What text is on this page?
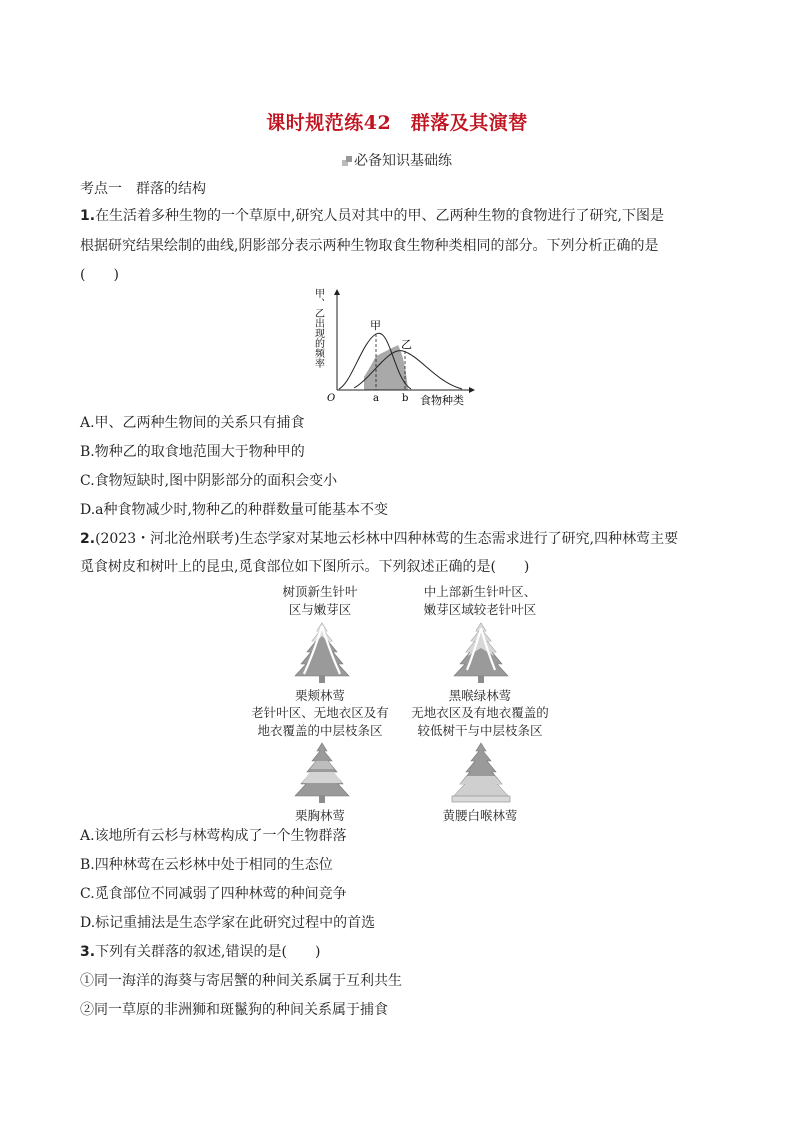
课时规范练42　群落及其演替
必备知识基础练
考点一　群落的结构
1.在生活着多种生物的一个草原中,研究人员对其中的甲、乙两种生物的食物进行了研究,下图是
根据研究结果绘制的曲线,阴影部分表示两种生物取食生物种类相同的部分。下列分析正确的是
(　　)
甲
乙
O	a b 食物种类
甲、乙出现的频率
A.甲、乙两种生物间的关系只有捕食
B.物种乙的取食地范围大于物种甲的
C.食物短缺时,图中阴影部分的面积会变小
D.a种食物减少时,物种乙的种群数量可能基本不变
2.(2023・河北沧州联考)生态学家对某地云杉林中四种林莺的生态需求进行了研究,四种林莺主要
觅食树皮和树叶上的昆虫,觅食部位如下图所示。下列叙述正确的是(　　)
树顶新生针叶
区与嫩芽区
栗颊林莺
中上部新生针叶区、
嫩芽区域较老针叶区
黑喉绿林莺
老针叶区、无地衣区及有
地衣覆盖的中层枝条区
栗胸林莺
无地衣区及有地衣覆盖的
较低树干与中层枝条区
黄腰白喉林莺
A.该地所有云杉与林莺构成了一个生物群落
B.四种林莺在云杉林中处于相同的生态位
C.觅食部位不同减弱了四种林莺的种间竞争
D.标记重捕法是生态学家在此研究过程中的首选
3.下列有关群落的叙述,错误的是(　　)
①同一海洋的海葵与寄居蟹的种间关系属于互利共生
②同一草原的非洲狮和斑鬣狗的种间关系属于捕食
